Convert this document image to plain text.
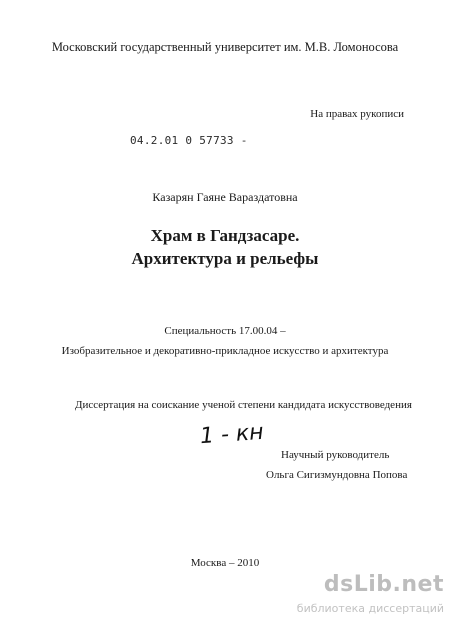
Московский государственный университет им. М.В. Ломоносова
На правах рукописи
04.2.01 0 57733 -
Казарян Гаяне Вараздатовна
Храм в Гандзасаре.
Архитектура и рельефы
Специальность 17.00.04 –
Изобразительное и декоративно-прикладное искусство и архитектура
Диссертация на соискание ученой степени кандидата искусствоведения
1 - кн
Научный руководитель
Ольга Сигизмундовна Попова
Москва – 2010
dsLib.net
библиотека диссертаций
